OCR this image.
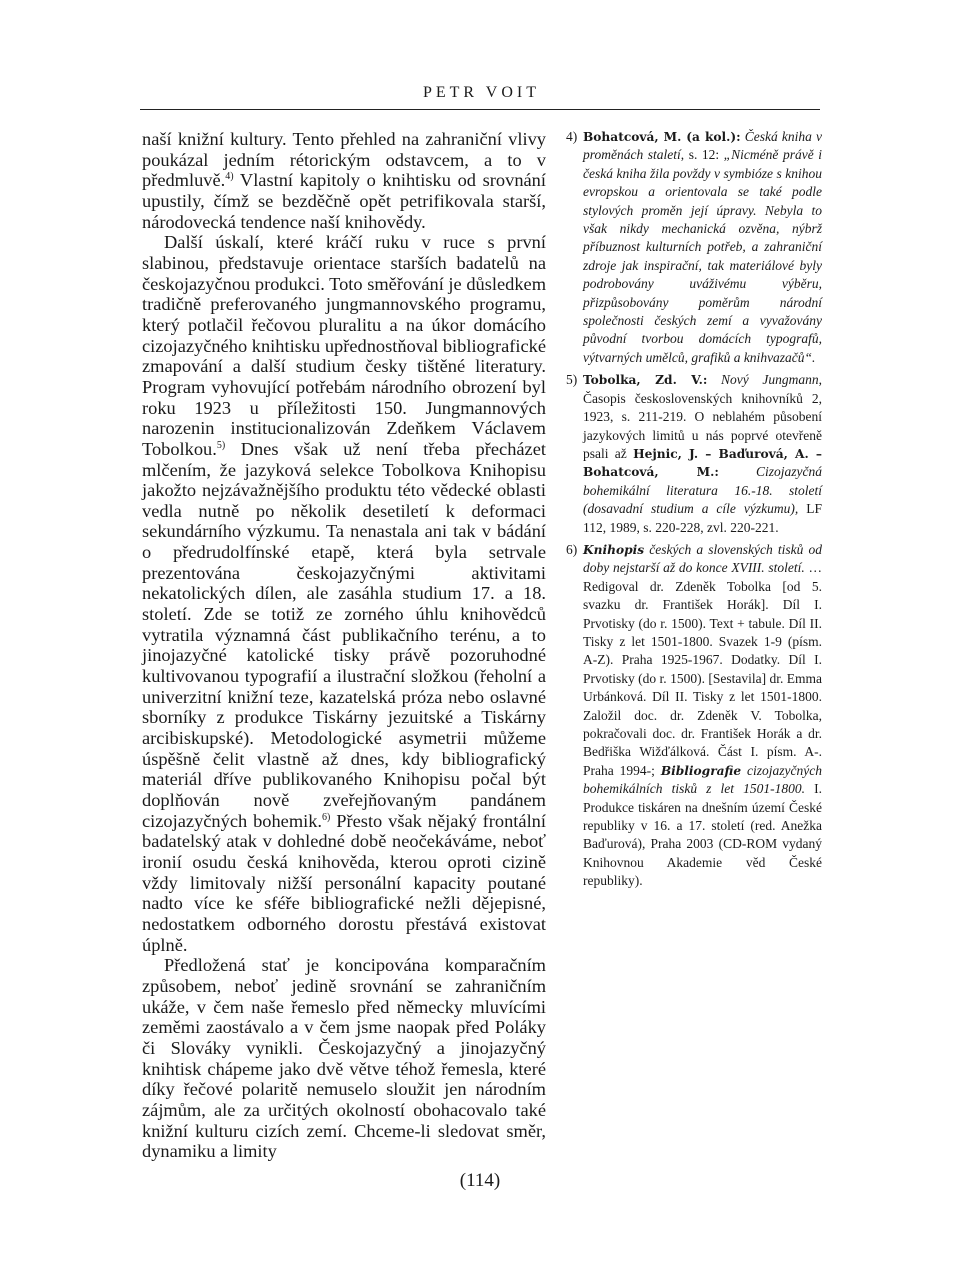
PETR VOIT

naší knižní kultury. Tento přehled na zahraniční vlivy poukázal jedním rétorickým odstavcem, a to v předmluvě.$^{4)}$ Vlastní kapitoly o knihtisku od srovnání upustily, čímž se bezděčně opět petrifikovala starší, národovecká tendence naší knihovědy.

Další úskalí, které kráčí ruku v ruce s první slabinou, představuje orientace starších badatelů na českojazyčnou produkci. Toto směřování je důsledkem tradičně preferovaného jungmannovského programu, který potlačil řečovou pluralitu a na úkor domácího cizojazyčného knihtisku upřednostňoval bibliografické zmapování a další studium česky tištěné literatury. Program vyhovující potřebám národního obrození byl roku 1923 u příležitosti 150. Jungmannových narozenin institucionalizován Zdeňkem Václavem Tobolkou.$^{5)}$ Dnes však už není třeba přecházet mlčením, že jazyková selekce Tobolkova Knihopisu jakožto nejzávažnějšího produktu této vědecké oblasti vedla nutně po několik desetiletí k deformaci sekundárního výzkumu. Ta nenastala ani tak v bádání o předrudolfínské etapě, která byla setrvale prezentována českojazyčnými aktivitami nekatolických dílen, ale zasáhla studium 17. a 18. století. Zde se totiž ze zorného úhlu knihovědců vytratila významná část publikačního terénu, a to jinojazyčné katolické tisky právě pozoruhodné kultivovanou typografií a ilustrační složkou (řeholní a univerzitní knižní teze, kazatelská próza nebo oslavné sborníky z produkce Tiskárny jezuitské a Tiskárny arcibiskupské). Metodologické asymetrii můžeme úspěšně čelit vlastně až dnes, kdy bibliografický materiál dříve publikovaného Knihopisu počal být doplňován nově zveřejňovaným pandánem cizojazyčných bohemik.$^{6)}$ Přesto však nějaký frontální badatelský atak v dohledné době neočekáváme, neboť ironií osudu česká knihověda, kterou oproti cizině vždy limitovaly nižší personální kapacity poutané nadto více ke sféře bibliografické nežli dějepisné, nedostatkem odborného dorostu přestává existovat úplně.

Předložená stať je koncipována komparačním způsobem, neboť jedině srovnání se zahraničním ukáže, v čem naše řemeslo před německy mluvícími zeměmi zaostávalo a v čem jsme naopak před Poláky či Slováky vynikli. Českojazyčný a jinojazyčný knihtisk chápeme jako dvě větve téhož řemesla, které díky řečové polaritě nemuselo sloužit jen národním zájmům, ale za určitých okolností obohacovalo také knižní kulturu cizích zemí. Chceme-li sledovat směr, dynamiku a limity

4) Bohatcová, M. (a kol.): Česká kniha v proměnách staletí, s. 12: „Nicméně právě i česká kniha žila povždy v symbióze s knihou evropskou a orientovala se také podle stylových proměn její úpravy. Nebyla to však nikdy mechanická ozvěna, nýbrž příbuznost kulturních potřeb, a zahraniční zdroje jak inspirační, tak materiálové byly podrobovány uváživému výběru, přizpůsobovány poměrům národní společnosti českých zemí a vyvažovány původní tvorbou domácích typografů, výtvarných umělců, grafiků a knihvazačů“.
5) Tobolka, Zd. V.: Nový Jungmann, Časopis československých knihovníků 2, 1923, s. 211-219. O neblahém působení jazykových limitů u nás poprvé otevřeně psali až Hejnic, J. – Baďurová, A. – Bohatcová, M.:	Cizojazyčná bohemikální literatura 16.-18. století (dosavadní studium a cíle výzkumu), LF 112, 1989, s. 220-228, zvl. 220-221.
6) Knihopis českých a slovenských tisků od doby nejstarší až do konce XVIII. století. … Redigoval dr. Zdeněk Tobolka [od 5. svazku dr. František Horák]. Díl I. Prvotisky (do r. 1500). Text + tabule. Díl II. Tisky z let 1501-1800. Svazek 1-9 (písm. A-Z). Praha 1925-1967. Dodatky. Díl I. Prvotisky (do r. 1500). [Sestavila] dr. Emma Urbánková. Díl II. Tisky z let 1501-1800. Založil doc. dr. Zdeněk V. Tobolka, pokračovali doc. dr. František Horák a dr. Bedřiška Wižďálková. Část I. písm. A-. Praha 1994-; Bibliografie cizojazyčných bohemikálních tisků z let 1501-1800. I. Produkce tiskáren na dnešním území České republiky v 16. a 17. století (red. Anežka Baďurová), Praha 2003 (CD-ROM vydaný Knihovnou Akademie věd České republiky).
(114)
